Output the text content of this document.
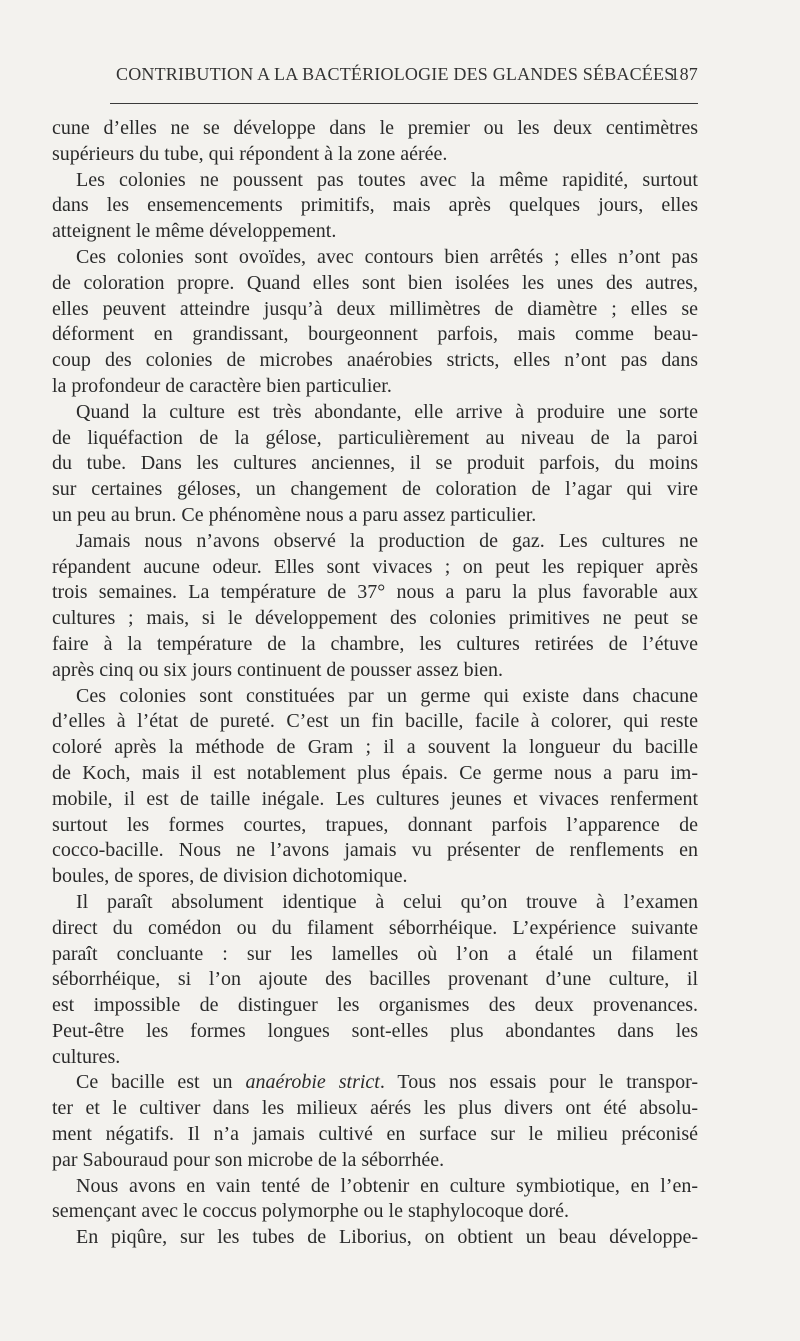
CONTRIBUTION A LA BACTÉRIOLOGIE DES GLANDES SÉBACÉES
187
cune d’elles ne se développe dans le premier ou les deux centimètres
supérieurs du tube, qui répondent à la zone aérée.
Les colonies ne poussent pas toutes avec la même rapidité, surtout
dans les ensemencements primitifs, mais après quelques jours, elles
atteignent le même développement.
Ces colonies sont ovoïdes, avec contours bien arrêtés ; elles n’ont pas
de coloration propre. Quand elles sont bien isolées les unes des autres,
elles peuvent atteindre jusqu’à deux millimètres de diamètre ; elles se
déforment en grandissant, bourgeonnent parfois, mais comme beau-
coup des colonies de microbes anaérobies stricts, elles n’ont pas dans
la profondeur de caractère bien particulier.
Quand la culture est très abondante, elle arrive à produire une sorte
de liquéfaction de la gélose, particulièrement au niveau de la paroi
du tube. Dans les cultures anciennes, il se produit parfois, du moins
sur certaines géloses, un changement de coloration de l’agar qui vire
un peu au brun. Ce phénomène nous a paru assez particulier.
Jamais nous n’avons observé la production de gaz. Les cultures ne
répandent aucune odeur. Elles sont vivaces ; on peut les repiquer après
trois semaines. La température de 37° nous a paru la plus favorable aux
cultures ; mais, si le développement des colonies primitives ne peut se
faire à la température de la chambre, les cultures retirées de l’étuve
après cinq ou six jours continuent de pousser assez bien.
Ces colonies sont constituées par un germe qui existe dans chacune
d’elles à l’état de pureté. C’est un fin bacille, facile à colorer, qui reste
coloré après la méthode de Gram ; il a souvent la longueur du bacille
de Koch, mais il est notablement plus épais. Ce germe nous a paru im-
mobile, il est de taille inégale. Les cultures jeunes et vivaces renferment
surtout les formes courtes, trapues, donnant parfois l’apparence de
cocco-bacille. Nous ne l’avons jamais vu présenter de renflements en
boules, de spores, de division dichotomique.
Il paraît absolument identique à celui qu’on trouve à l’examen
direct du comédon ou du filament séborrhéique. L’expérience suivante
paraît concluante : sur les lamelles où l’on a étalé un filament
séborrhéique, si l’on ajoute des bacilles provenant d’une culture, il
est impossible de distinguer les organismes des deux provenances.
Peut-être les formes longues sont-elles plus abondantes dans les
cultures.
Ce bacille est un anaérobie strict. Tous nos essais pour le transpor-
ter et le cultiver dans les milieux aérés les plus divers ont été absolu-
ment négatifs. Il n’a jamais cultivé en surface sur le milieu préconisé
par Sabouraud pour son microbe de la séborrhée.
Nous avons en vain tenté de l’obtenir en culture symbiotique, en l’en-
semençant avec le coccus polymorphe ou le staphylocoque doré.
En piqûre, sur les tubes de Liborius, on obtient un beau développe-
